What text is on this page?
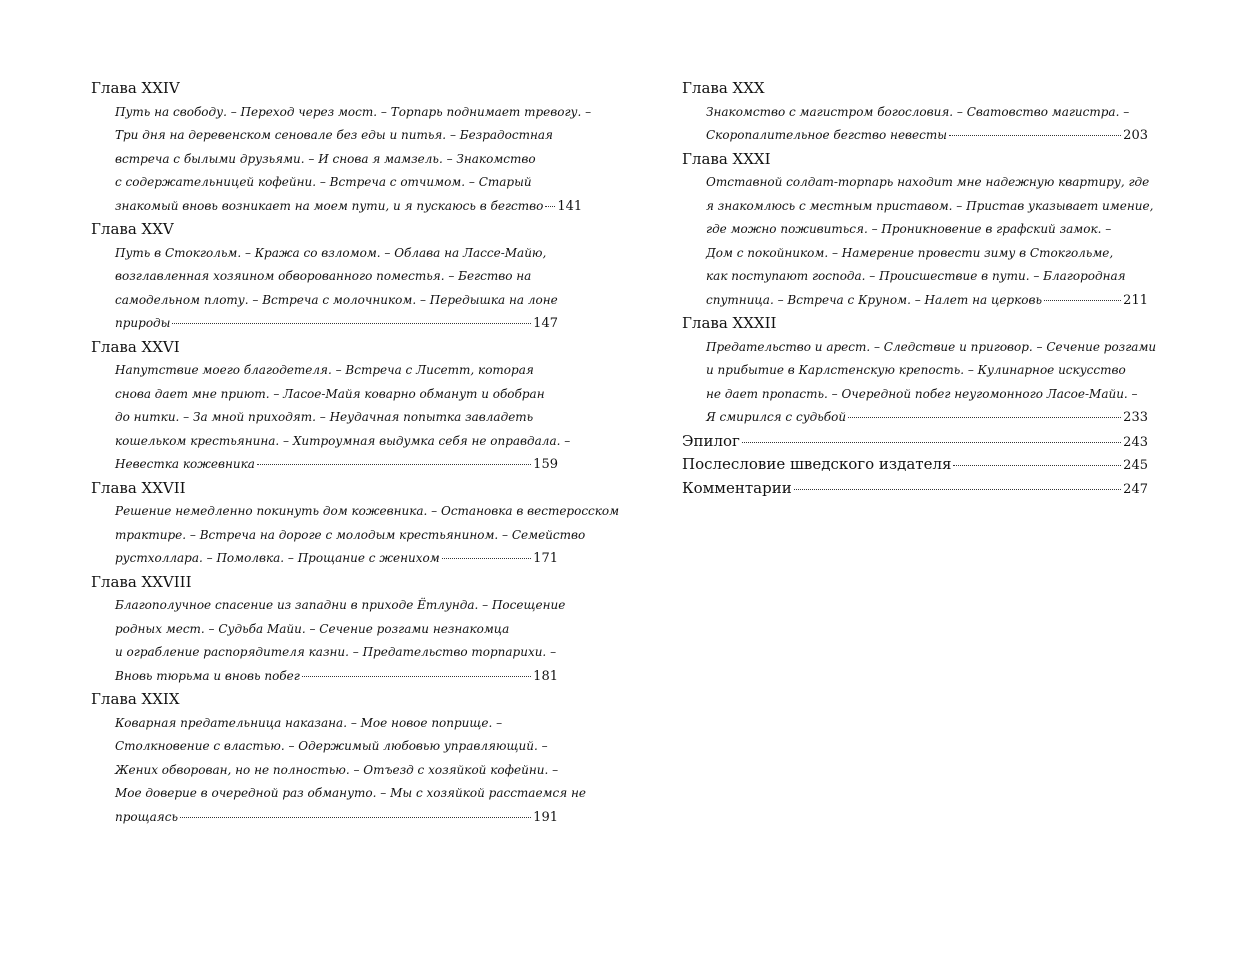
Глава XXIV
Путь на свободу. – Переход через мост. – Торпарь поднимает тревогу. –
Три дня на деревенском сеновале без еды и питья. – Безрадостная
встреча с былыми друзьями. – И снова я мамзель. – Знакомство
с содержательницей кофейни. – Встреча с отчимом. – Старый
знакомый вновь возникает на моем пути, и я пускаюсь в бегство 141
Глава XXV
Путь в Стокгольм. – Кража со взломом. – Облава на Лассе-Майю,
возглавленная хозяином обворованного поместья. – Бегство на
самодельном плоту. – Встреча с молочником. – Передышка на лоне
природы	147
Глава XXVI
Напутствие моего благодетеля. – Встреча с Лисетт, которая
снова дает мне приют. – Ласое-Майя коварно обманут и обобран
до нитки. – За мной приходят. – Неудачная попытка завладеть
кошельком крестьянина. – Хитроумная выдумка себя не оправдала. –
Невестка кожевника	159
Глава XXVII
Решение немедленно покинуть дом кожевника. – Остановка в вестеросском
трактире. – Встреча на дороге с молодым крестьянином. – Семейство
рустхоллара. – Помолвка. – Прощание с женихом	171
Глава XXVIII
Благополучное спасение из западни в приходе Ётлунда. – Посещение
родных мест. – Судьба Майи. – Сечение розгами незнакомца
и ограбление распорядителя казни. – Предательство торпарихи. –
Вновь тюрьма и вновь побег	181
Глава XXIX
Коварная предательница наказана. – Мое новое поприще. –
Столкновение с властью. – Одержимый любовью управляющий. –
Жених обворован, но не полностью. – Отъезд с хозяйкой кофейни. –
Мое доверие в очередной раз обмануто. – Мы с хозяйкой расстаемся не
прощаясь	191
Глава XXX
Знакомство с магистром богословия. – Сватовство магистра. –
Скоропалительное бегство невесты	203
Глава XXXI
Отставной солдат-торпарь находит мне надежную квартиру, где
я знакомлюсь с местным приставом. – Пристав указывает имение,
где можно поживиться. – Проникновение в графский замок. –
Дом с покойником. – Намерение провести зиму в Стокгольме,
как поступают господа. – Происшествие в пути. – Благородная
спутница. – Встреча с Круном. – Налет на церковь	211
Глава XXXII
Предательство и арест. – Следствие и приговор. – Сечение розгами
и прибытие в Карлстенскую крепость. – Кулинарное искусство
не дает пропасть. – Очередной побег неугомонного Ласое-Майи. –
Я смирился с судьбой	233
Эпилог	243
Послесловие шведского издателя	245
Комментарии	247
